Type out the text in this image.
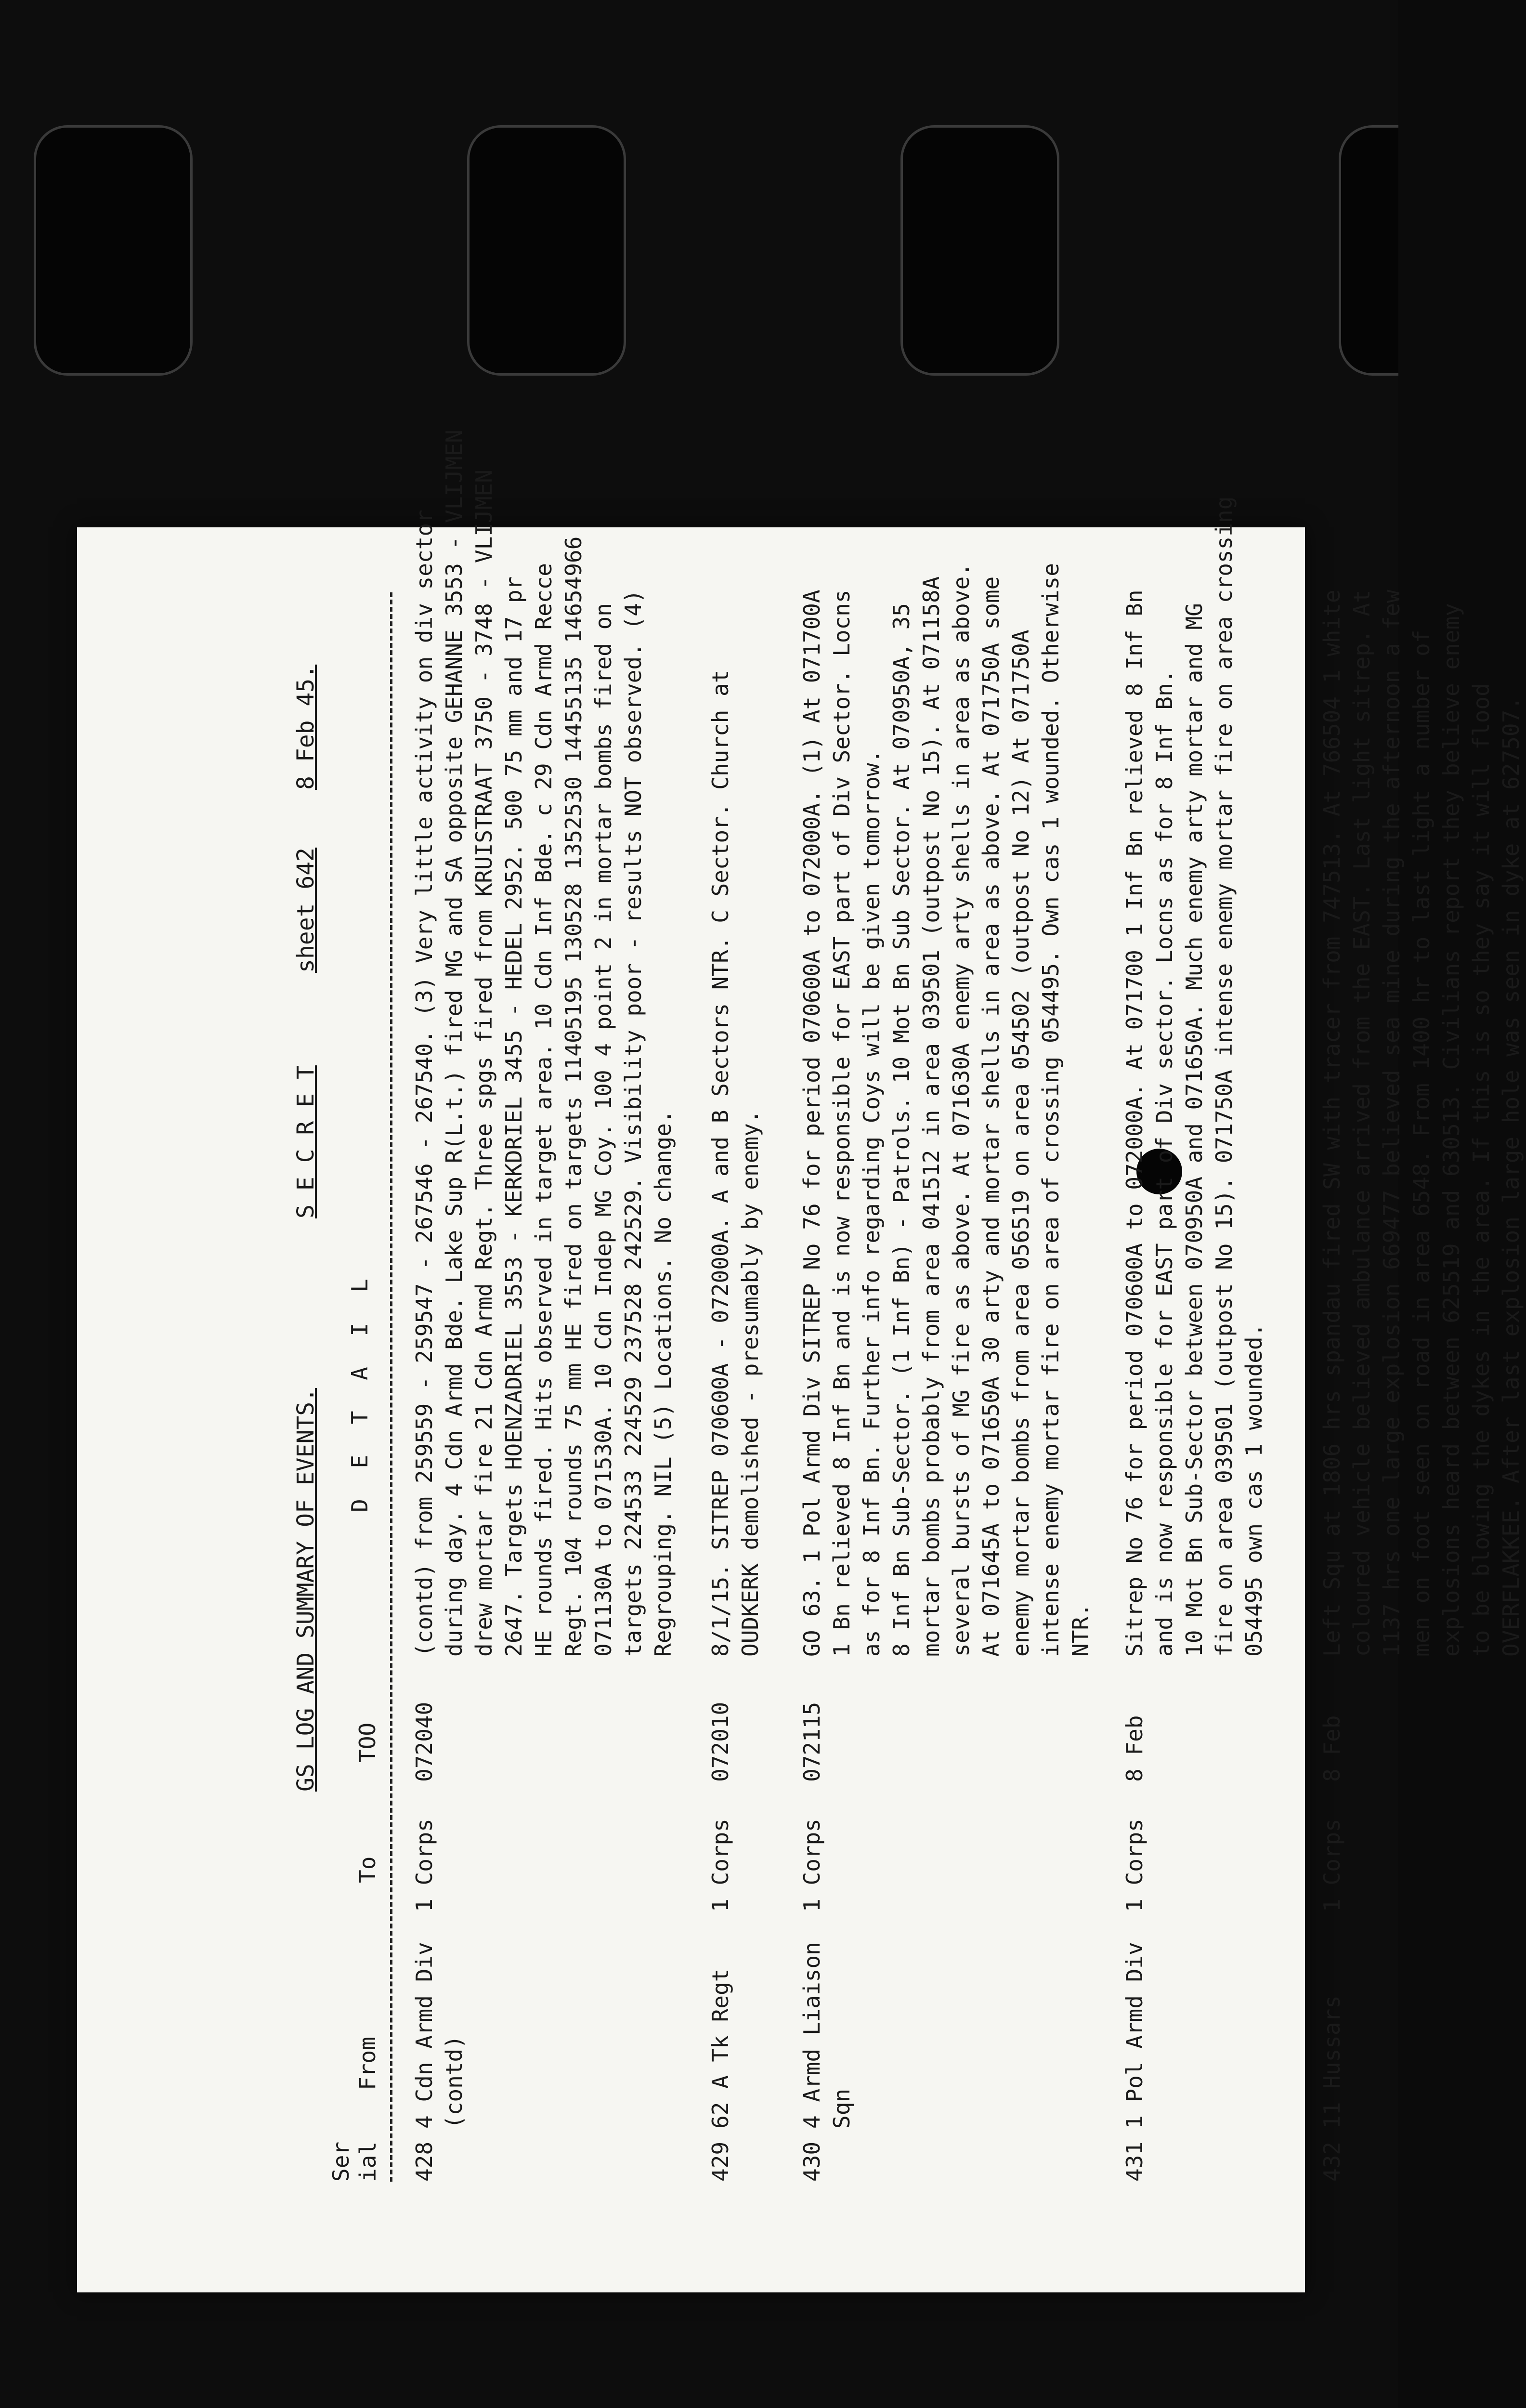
GS LOG AND SUMMARY OF EVENTS.
S E C R E T
sheet 642
8 Feb 45.
D E T A I L
Ser
ial
From
To
TOO
428
4 Cdn Armd Div
(contd)
1 Corps
072040
(contd) from 259559 - 259547 - 267546 - 267540. (3) Very little activity on div sector during day. 4 Cdn Armd Bde. Lake Sup R(L.t.) fired MG and SA opposite GEHANNE 3553 - VLIJMEN drew mortar fire 21 Cdn Armd Regt. Three spgs fired from KRUISTRAAT 3750 - 3748 - VLIJMEN 2647. Targets HOENZADRIEL 3553 - KERKDRIEL 3455 - HEDEL 2952. 500 75 mm and 17 pr HE rounds fired. Hits observed in target area. 10 Cdn Inf Bde. c 29 Cdn Armd Recce Regt. 104 rounds 75 mm HE fired on targets 11405195 130528 1352530 14455135 14654966 071130A to 071530A. 10 Cdn Indep MG Coy. 100 4 point 2 in mortar bombs fired on targets 224533 224529 237528 242529. Visibility poor - results NOT observed. (4) Regrouping. NIL (5) Locations. No change.
429
62 A Tk Regt
1 Corps
072010
8/1/15. SITREP 070600A - 072000A. A and B Sectors NTR. C Sector. Church at OUDKERK demolished - presumably by enemy.
430
4 Armd Liaison
Sqn
1 Corps
072115
GO 63. 1 Pol Armd Div SITREP No 76 for period 070600A to 072000A. (1) At 071700A 1 Bn relieved 8 Inf Bn and is now responsible for EAST part of Div Sector. Locns as for 8 Inf Bn. Further info regarding Coys will be given tomorrow. 8 Inf Bn Sub-Sector. (1 Inf Bn) - Patrols. 10 Mot Bn Sub Sector. At 070950A, 35 mortar bombs probably from area 041512 in area 039501 (outpost No 15). At 071158A several bursts of MG fire as above. At 071630A enemy arty shells in area as above. At 071645A to 071650A 30 arty and mortar shells in area as above. At 071750A some enemy mortar bombs from area 056519 on area 054502 (outpost No 12) At 071750A intense enemy mortar fire on area of crossing 054495. Own cas 1 wounded. Otherwise NTR.
431
1 Pol Armd Div
1 Corps
8 Feb
Sitrep No 76 for period 070600A to 072000A. At 071700 1 Inf Bn relieved 8 Inf Bn and is now responsible for EAST part of Div sector. Locns as for 8 Inf Bn. 10 Mot Bn Sub-Sector between 070950A and 071650A. Much enemy arty mortar and MG fire on area 039501 (outpost No 15). 071750A intense enemy mortar fire on area crossing 054495 own cas 1 wounded.
432
11 Hussars
1 Corps
8 Feb
Left Squ at 1806 hrs spandau fired SW with tracer from 747513. At 766504 1 white coloured vehicle believed ambulance arrived from the EAST. Last light sitrep. At 1137 hrs one large explosion 669477 believed sea mine during the afternoon a few men on foot seen on road in area 6548. From 1400 hr to last light a number of explosions heard between 625519 and 630513. Civilians report they believe enemy to be blowing the dykes in the area. If this is so they say it will flood OVERFLAKKEE. After last explosion large hole was seen in dyke at 627507.
